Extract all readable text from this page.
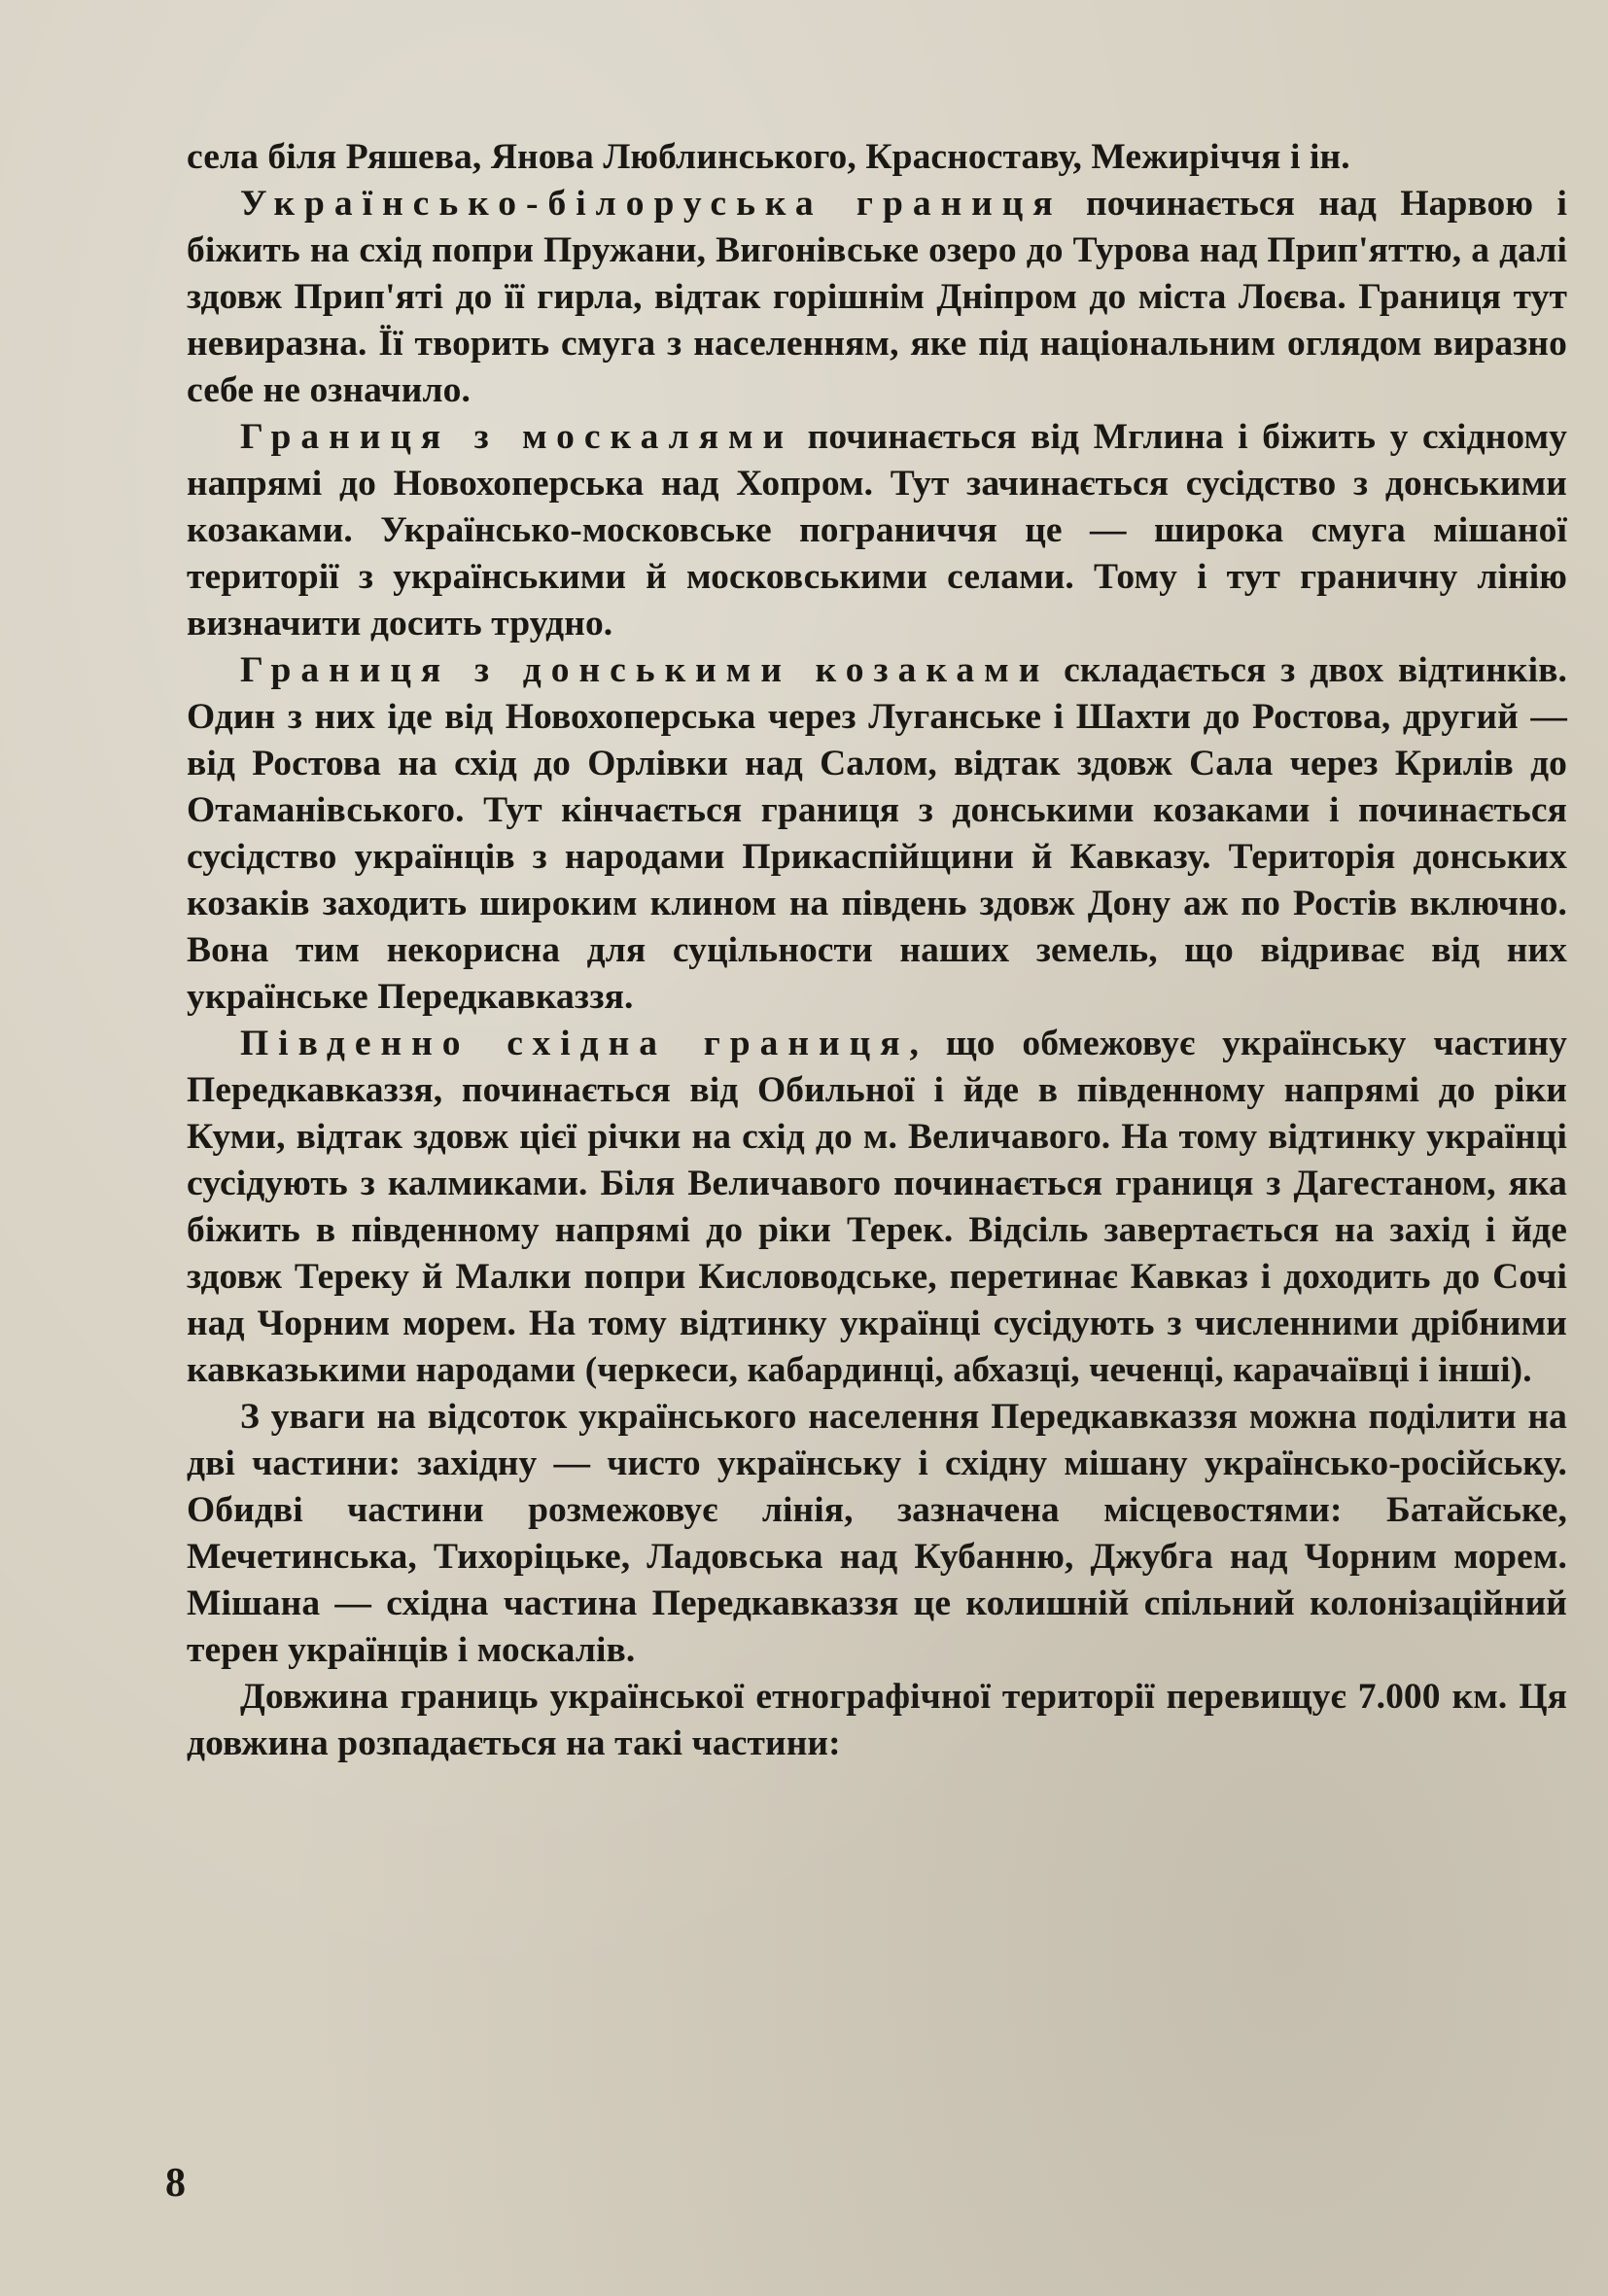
села біля Ряшева, Янова Люблинського, Красноставу, Межиріччя і ін.

Українсько-білоруська границя починається над Нарвою і біжить на схід попри Пружани, Вигонівське озеро до Турова над Прип'яттю, а далі здовж Прип'яті до її гирла, відтак горішнім Дніпром до міста Лоєва. Границя тут невиразна. Її творить смуга з населенням, яке під національним оглядом виразно себе не означило.

Границя з москалями починається від Мглина і біжить у східному напрямі до Новохоперська над Хопром. Тут зачинається сусідство з донськими козаками. Українсько-московське пограниччя це — широка смуга мішаної території з українськими й московськими селами. Тому і тут граничну лінію визначити досить трудно.

Границя з донськими козаками складається з двох відтинків. Один з них іде від Новохоперська через Луганське і Шахти до Ростова, другий — від Ростова на схід до Орлівки над Салом, відтак здовж Сала через Крилів до Отаманівського. Тут кінчається границя з донськими козаками і починається сусідство українців з народами Прикаспійщини й Кавказу. Територія донських козаків заходить широким клином на південь здовж Дону аж по Ростів включно. Вона тим некорисна для суцільности наших земель, що відриває від них українське Передкавказзя.

Південно східна границя, що обмежовує українську частину Передкавказзя, починається від Обильної і йде в південному напрямі до ріки Куми, відтак здовж цієї річки на схід до м. Величавого. На тому відтинку українці сусідують з калмиками. Біля Величавого починається границя з Дагестаном, яка біжить в південному напрямі до ріки Терек. Відсіль завертається на захід і йде здовж Тереку й Малки попри Кисловодське, перетинає Кавказ і доходить до Сочі над Чорним морем. На тому відтинку українці сусідують з численними дрібними кавказькими народами (черкеси, кабардинці, абхазці, чеченці, карачаївці і інші).

З уваги на відсоток українського населення Передкавказзя можна поділити на дві частини: західну — чисто українську і східну мішану українсько-російську. Обидві частини розмежовує лінія, зазначена місцевостями: Батайське, Мечетинська, Тихоріцьке, Ладовська над Кубанню, Джубга над Чорним морем. Мішана — східна частина Передкавказзя це колишній спільний колонізаційний терен українців і москалів.

Довжина границь української етнографічної території перевищує 7.000 км. Ця довжина розпадається на такі частини:

8
